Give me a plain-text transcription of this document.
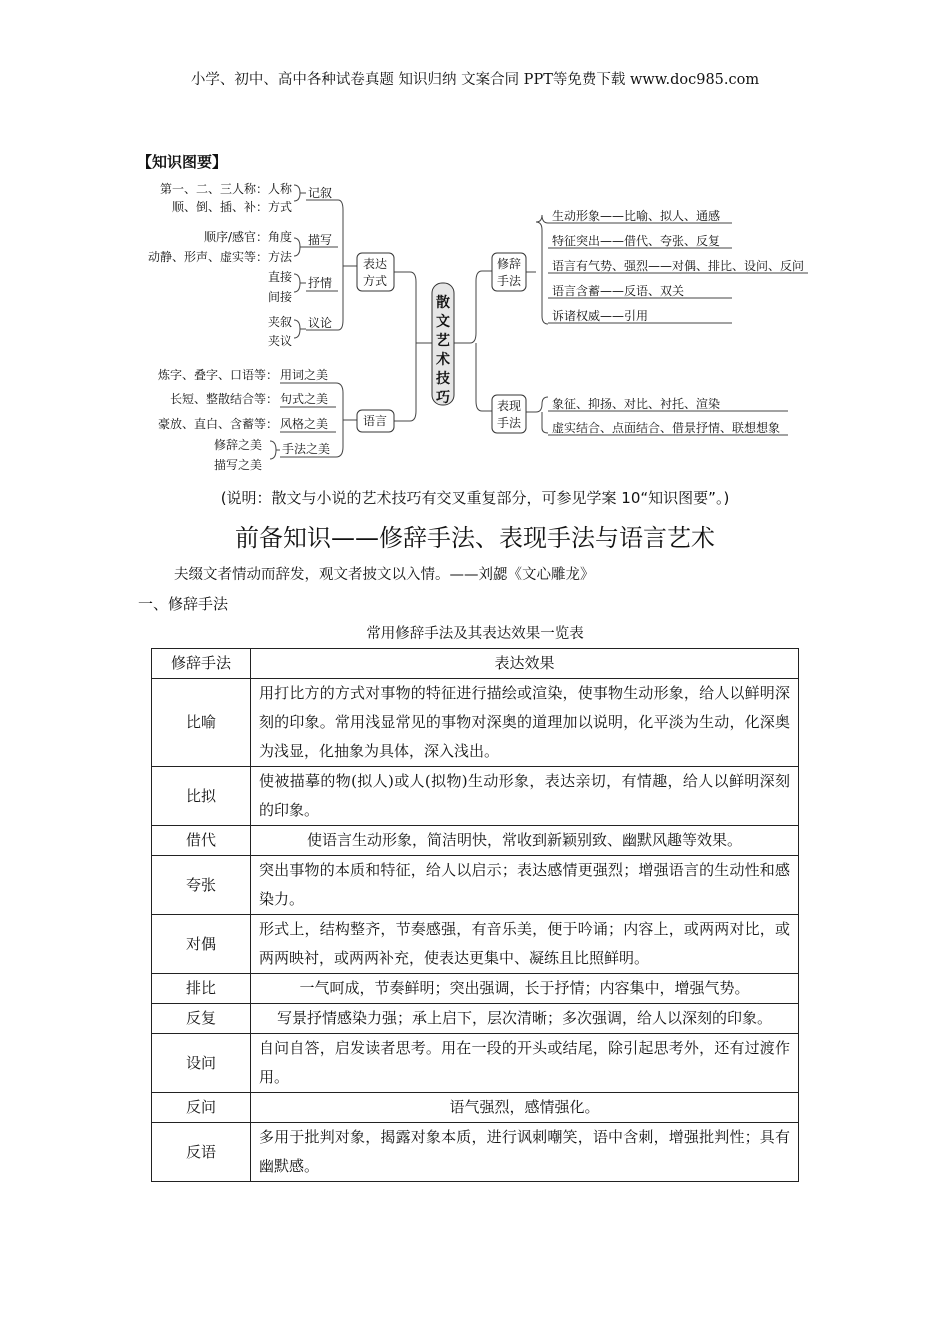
小学、初中、高中各种试卷真题 知识归纳 文案合同 PPT等免费下载 www.doc985.com
【知识图要】
第一、二、三人称：人称
顺、倒、插、补：方式
记叙
顺序/感官：角度
动静、形声、虚实等：方法
描写
直接
间接
抒情
夹叙
夹议
议论
炼字、叠字、口语等： 用词之美
长短、整散结合等： 句式之美
豪放、直白、含蓄等： 风格之美
修辞之美
描写之美
手法之美
表达
方式
语言
散
文
艺
术
技
巧
修辞
手法
表现
手法
生动形象——比喻、拟人、通感
特征突出——借代、夸张、反复
语言有气势、强烈——对偶、排比、设问、反问
语言含蓄——反语、双关
诉诸权威——引用
象征、抑扬、对比、衬托、渲染
虚实结合、点面结合、借景抒情、联想想象
(说明：散文与小说的艺术技巧有交叉重复部分，可参见学案 10“知识图要”。)
前备知识——修辞手法、表现手法与语言艺术
夫缀文者情动而辞发，观文者披文以入情。——刘勰《文心雕龙》
一、修辞手法
常用修辞手法及其表达效果一览表
修辞手法	表达效果
比喻	用打比方的方式对事物的特征进行描绘或渲染，使事物生动形象，给人以鲜明深刻的印象。常用浅显常见的事物对深奥的道理加以说明，化平淡为生动，化深奥为浅显，化抽象为具体，深入浅出。
比拟	使被描摹的物(拟人)或人(拟物)生动形象，表达亲切，有情趣，给人以鲜明深刻的印象。
借代	使语言生动形象，简洁明快，常收到新颖别致、幽默风趣等效果。
夸张	突出事物的本质和特征，给人以启示；表达感情更强烈；增强语言的生动性和感染力。
对偶	形式上，结构整齐，节奏感强，有音乐美，便于吟诵；内容上，或两两对比，或两两映衬，或两两补充，使表达更集中、凝练且比照鲜明。
排比	一气呵成，节奏鲜明；突出强调，长于抒情；内容集中，增强气势。
反复	写景抒情感染力强；承上启下，层次清晰；多次强调，给人以深刻的印象。
设问	自问自答，启发读者思考。用在一段的开头或结尾，除引起思考外，还有过渡作用。
反问	语气强烈，感情强化。
反语	多用于批判对象，揭露对象本质，进行讽刺嘲笑，语中含刺，增强批判性；具有幽默感。
